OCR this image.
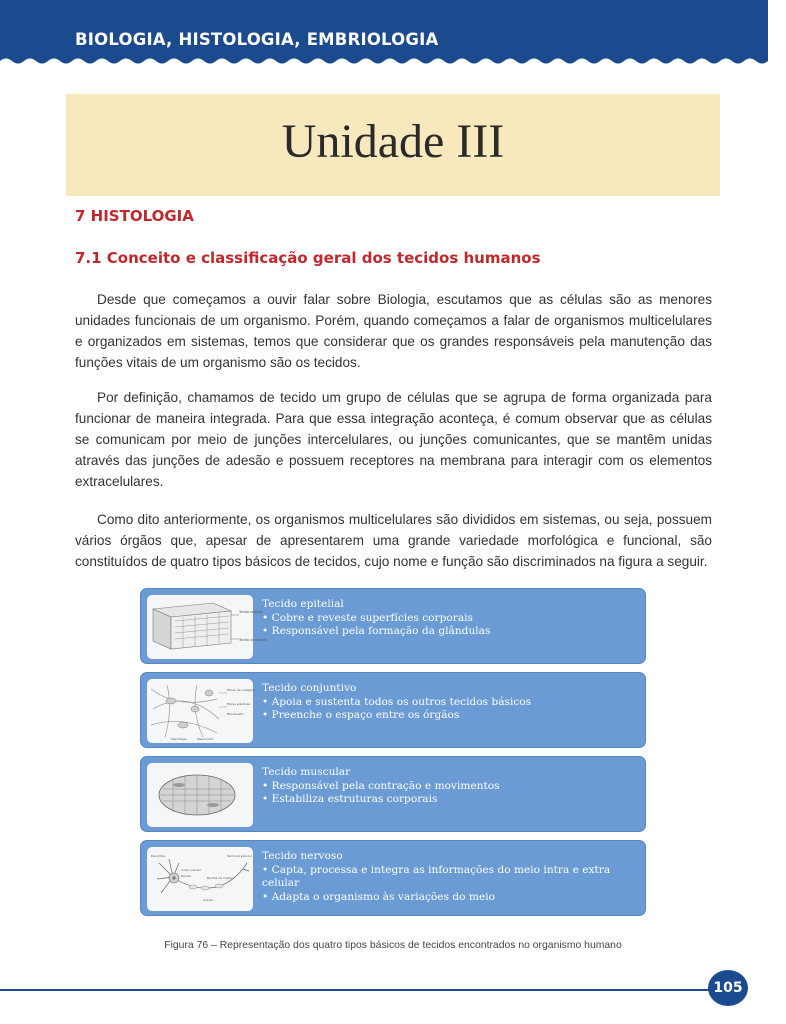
BIOLOGIA, HISTOLOGIA, EMBRIOLOGIA
Unidade III
7 HISTOLOGIA
7.1 Conceito e classificação geral dos tecidos humanos

Desde que começamos a ouvir falar sobre Biologia, escutamos que as células são as menores unidades funcionais de um organismo. Porém, quando começamos a falar de organismos multicelulares e organizados em sistemas, temos que considerar que os grandes responsáveis pela manutenção das funções vitais de um organismo são os tecidos.

Por definição, chamamos de tecido um grupo de células que se agrupa de forma organizada para funcionar de maneira integrada. Para que essa integração aconteça, é comum observar que as células se comunicam por meio de junções intercelulares, ou junções comunicantes, que se mantêm unidas através das junções de adesão e possuem receptores na membrana para interagir com os elementos extracelulares.

Como dito anteriormente, os organismos multicelulares são divididos em sistemas, ou seja, possuem vários órgãos que, apesar de apresentarem uma grande variedade morfológica e funcional, são constituídos de quatro tipos básicos de tecidos, cujo nome e função são discriminados na figura a seguir.

Tecido epitelial
Tecido conjuntivo
Tecido epitelial
• Cobre e reveste superfícies corporais
• Responsável pela formação da glândulas
Fibras de colágeno
Fibras elásticas
Fibroblasto
Macrófago	Plasmócito
Tecido conjuntivo
• Apoia e sustenta todos os outros tecidos básicos
• Preenche o espaço entre os órgãos
Tecido muscular
• Responsável pela contração e movimentos
• Estabiliza estruturas corporais
Dendritos
Corpo celular
Núcleo
Axônio
Bainha de mielina
Terminal axônico Tecido nervoso
• Capta, processa e integra as informações do meio intra e extra celular
• Adapta o organismo às variações do meio
Figura 76 – Representação dos quatro tipos básicos de tecidos encontrados no organismo humano
105
